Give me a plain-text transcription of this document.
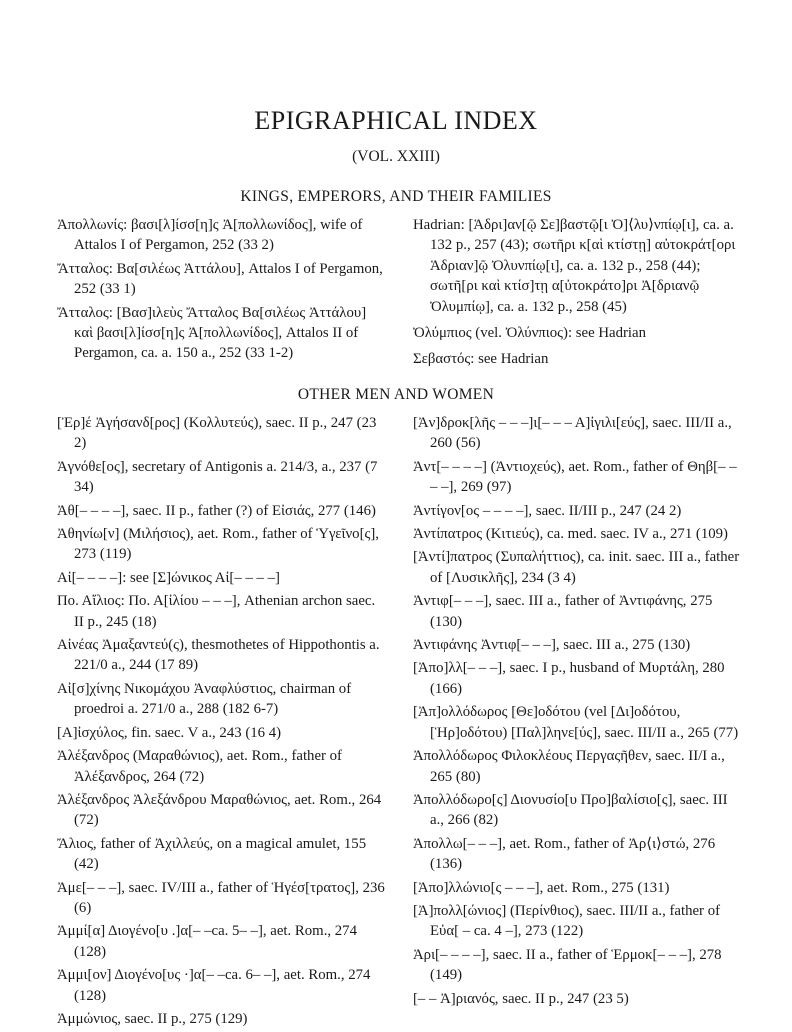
EPIGRAPHICAL INDEX
(VOL. XXIII)
KINGS, EMPERORS, AND THEIR FAMILIES

Ἀπολλωνίς: βασι[λ]ίσσ[η]ς Ἀ[πολλωνίδος], wife of Attalos I of Pergamon, 252 (33 2)

Ἄτταλος: Βα[σιλέως Ἀττάλου], Attalos I of Pergamon, 252 (33 1)

Ἄτταλος: [Βασ]ιλεὺς Ἄτταλος Βα[σιλέως Ἀττάλου] καὶ βασι[λ]ίσσ[η]ς Ἀ[πολλωνίδος], Attalos II of Pergamon, ca. a. 150 a., 252 (33 1-2)

Hadrian: [Ἁδρι]αν[ῷ Σε]βαστῷ[ι Ὀ]⟨λυ⟩νπίῳ[ι], ca. a. 132 p., 257 (43); σωτῆρι κ[αὶ κτίστῃ] αὐτοκράτ[ορι Ἁδριαν]ῷ Ὀλυνπίῳ[ι], ca. a. 132 p., 258 (44); σωτῆ[ρι καὶ κτίσ]τῃ α[ὐτοκράτο]ρι Ἀ[δριανῷ Ὀλυμπίῳ], ca. a. 132 p., 258 (45)

Ὀλύμπιος (vel. Ὀλύνπιος): see Hadrian

Σεβαστός: see Hadrian

OTHER MEN AND WOMEN

[Ἐρ]έ Ἀγήσανδ[ρος] (Κολλυτεύς), saec. II p., 247 (23 2)

Ἀγνόθε[ος], secretary of Antigonis a. 214/3, a., 237 (7 34)

Ἀθ[– – – –], saec. II p., father (?) of Εἰσιάς, 277 (146)

Ἀθηνίω[ν] (Μιλήσιος), aet. Rom., father of Ὑγεῖνο[ς], 273 (119)

Αἰ[– – – –]: see [Σ]ώνικος Αἰ[– – – –]

Πο. Αἴλιος: Πο. Α[ἰλίου – – –], Athenian archon saec. II p., 245 (18)

Αἰνέας Ἀμαξαντεύ(ς), thesmothetes of Hippothontis a. 221/0 a., 244 (17 89)

Αἰ[σ]χίνης Νικομάχου Ἀναφλύστιος, chairman of proedroi a. 271/0 a., 288 (182 6-7)

[Α]ἰσχύλος, fin. saec. V a., 243 (16 4)

Ἀλέξανδρος (Μαραθώνιος), aet. Rom., father of Ἀλέξανδρος, 264 (72)

Ἀλέξανδρος Ἀλεξάνδρου Μαραθώνιος, aet. Rom., 264 (72)

Ἄλιος, father of Ἀχιλλεύς, on a magical amulet, 155 (42)

Ἀμε[– – –], saec. IV/III a., father of Ἡγέσ[τρατος], 236 (6)

Ἀμμί[α] Διογένο[υ .]α[– –ca. 5– –], aet. Rom., 274 (128)

Ἀμμι[ον] Διογένο[υς ·]α[– –ca. 6– –], aet. Rom., 274 (128)

Ἀμμώνιος, saec. II p., 275 (129)

[Ἀν]δροκ[λῆς – – –]ι[– – – Α]ἰγιλι[εύς], saec. III/II a., 260 (56)

Ἀντ[– – – –] (Ἀντιοχεύς), aet. Rom., father of Θηβ[– – – –], 269 (97)

Ἀντίγον[ος – – – –], saec. II/III p., 247 (24 2)

Ἀντίπατρος (Κιτιεύς), ca. med. saec. IV a., 271 (109)

[Ἀντί]πατρος (Συπαλήττιος), ca. init. saec. III a., father of [Λυσικλῆς], 234 (3 4)

Ἀντιφ[– – –], saec. III a., father of Ἀντιφάνης, 275 (130)

Ἀντιφάνης Ἀντιφ[– – –], saec. III a., 275 (130)

[Ἀπο]λλ[– – –], saec. I p., husband of Μυρτάλη, 280 (166)

[Ἀπ]ολλόδωρος [Θε]οδότου (vel [Δι]οδότου, [Ἡρ]οδότου) [Παλ]ληνε[ύς], saec. III/II a., 265 (77)

Ἀπολλόδωρος Φιλοκλέους Περγαςῆθεν, saec. II/I a., 265 (80)

Ἀπολλόδωρο[ς] Διονυσίο[υ Προ]βαλίσιο[ς], saec. III a., 266 (82)

Ἀπολλω[– – –], aet. Rom., father of Ἀρ⟨ι⟩στώ, 276 (136)

[Ἀπο]λλώνιο[ς – – –], aet. Rom., 275 (131)

[Ἀ]πολλ[ώνιος] (Περίνθιος), saec. III/II a., father of Εὐα[ – ca. 4 –], 273 (122)

Ἀρι[– – – –], saec. II a., father of Ἑρμοκ[– – –], 278 (149)

[– – Ἀ]ριανός, saec. II p., 247 (23 5)
